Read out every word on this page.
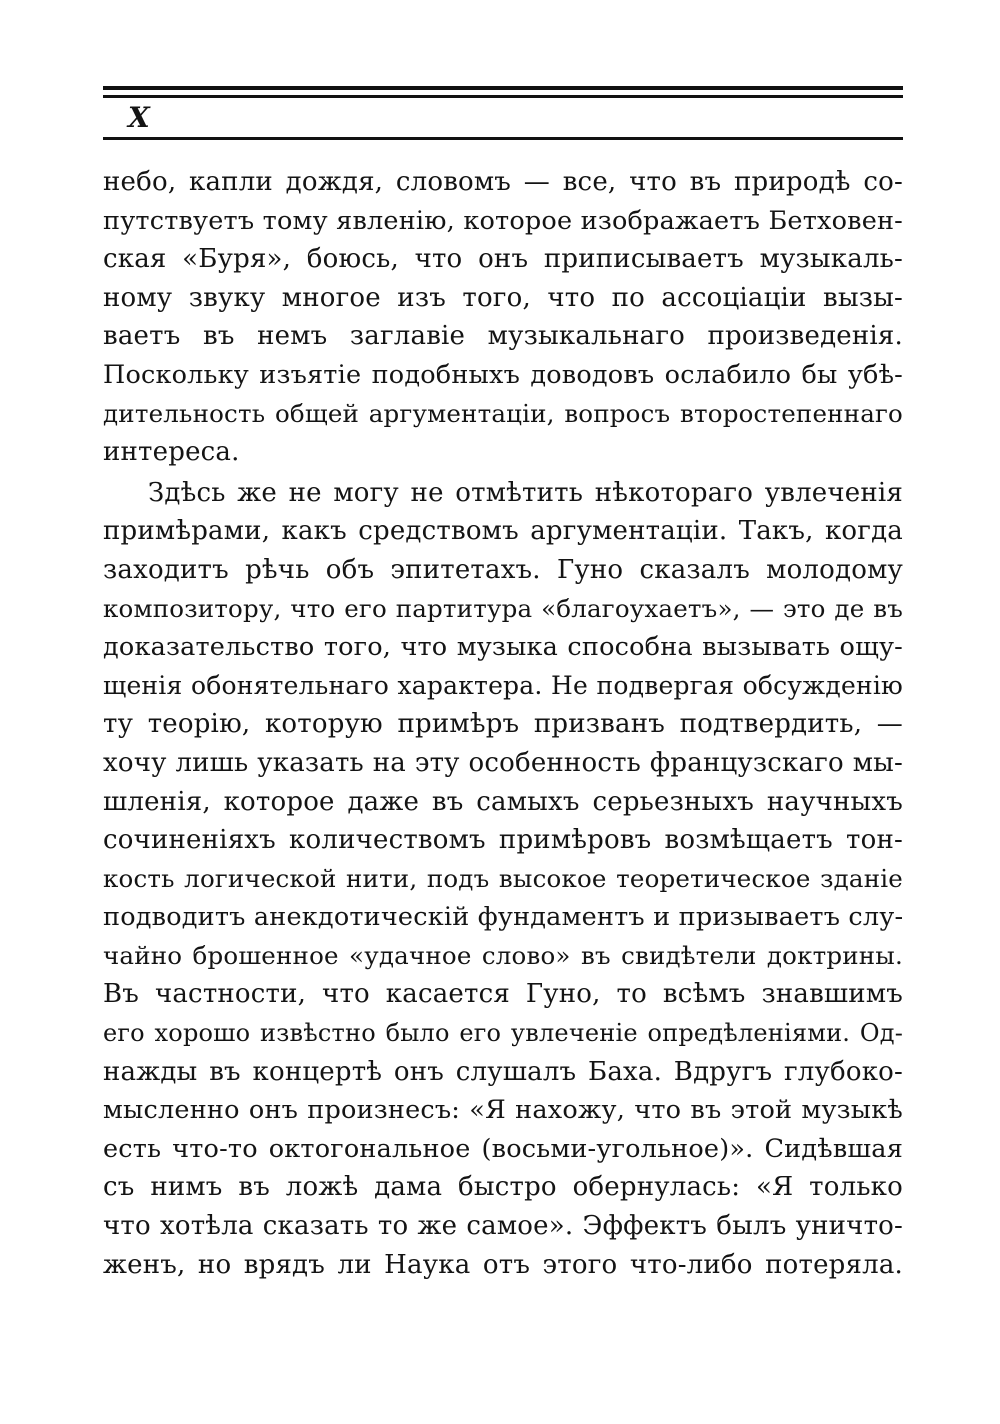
X
небо, капли дождя, словомъ — все, что въ природѣ со-
путствуетъ тому явленію, которое изображаетъ Бетховен-
ская «Буря», боюсь, что онъ приписываетъ музыкаль-
ному звуку многое изъ того, что по ассоціаціи вызы-
ваетъ въ немъ заглавіе музыкальнаго произведенія.
Поскольку изъятіе подобныхъ доводовъ ослабило бы убѣ-
дительность общей аргументаціи, вопросъ второстепеннаго
интереса.
Здѣсь же не могу не отмѣтить нѣкотораго увлеченія
примѣрами, какъ средствомъ аргументаціи. Такъ, когда
заходитъ рѣчь объ эпитетахъ. Гуно сказалъ молодому
композитору, что его партитура «благоухаетъ», — это де въ
доказательство того, что музыка способна вызывать ощу-
щенія обонятельнаго характера. Не подвергая обсужденію
ту теорію, которую примѣръ призванъ подтвердить, —
хочу лишь указать на эту особенность французскаго мы-
шленія, которое даже въ самыхъ серьезныхъ научныхъ
сочиненіяхъ количествомъ примѣровъ возмѣщаетъ тон-
кость логической нити, подъ высокое теоретическое зданіе
подводитъ анекдотическій фундаментъ и призываетъ слу-
чайно брошенное «удачное слово» въ свидѣтели доктрины.
Въ частности, что касается Гуно, то всѣмъ знавшимъ
его хорошо извѣстно было его увлеченіе опредѣленіями. Од-
нажды въ концертѣ онъ слушалъ Баха. Вдругъ глубоко-
мысленно онъ произнесъ: «Я нахожу, что въ этой музыкѣ
есть что-то октогональное (восьми-угольное)». Сидѣвшая
съ нимъ въ ложѣ дама быстро обернулась: «Я только
что хотѣла сказать то же самое». Эффектъ былъ уничто-
женъ, но врядъ ли Наука отъ этого что-либо потеряла.
